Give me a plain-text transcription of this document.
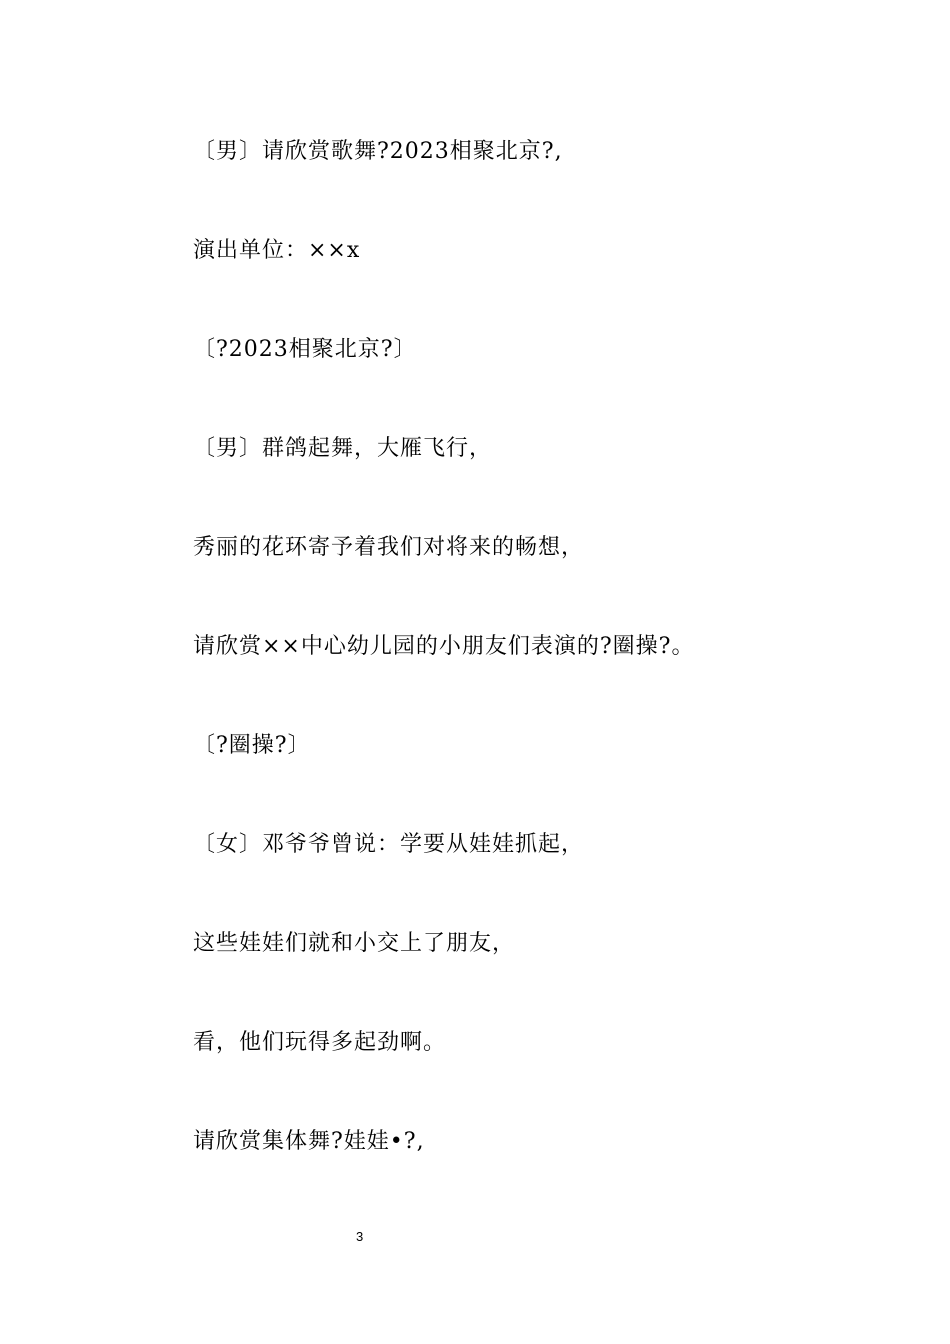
〔男〕请欣赏歌舞?2023相聚北京?,
演出单位：××x
〔?2023相聚北京?〕
〔男〕群鸽起舞，大雁飞行，
秀丽的花环寄予着我们对将来的畅想，
请欣赏××中心幼儿园的小朋友们表演的?圈操?。
〔?圈操?〕
〔女〕邓爷爷曾说：学要从娃娃抓起，
这些娃娃们就和小交上了朋友，
看，他们玩得多起劲啊。
请欣赏集体舞?娃娃•?,
3
